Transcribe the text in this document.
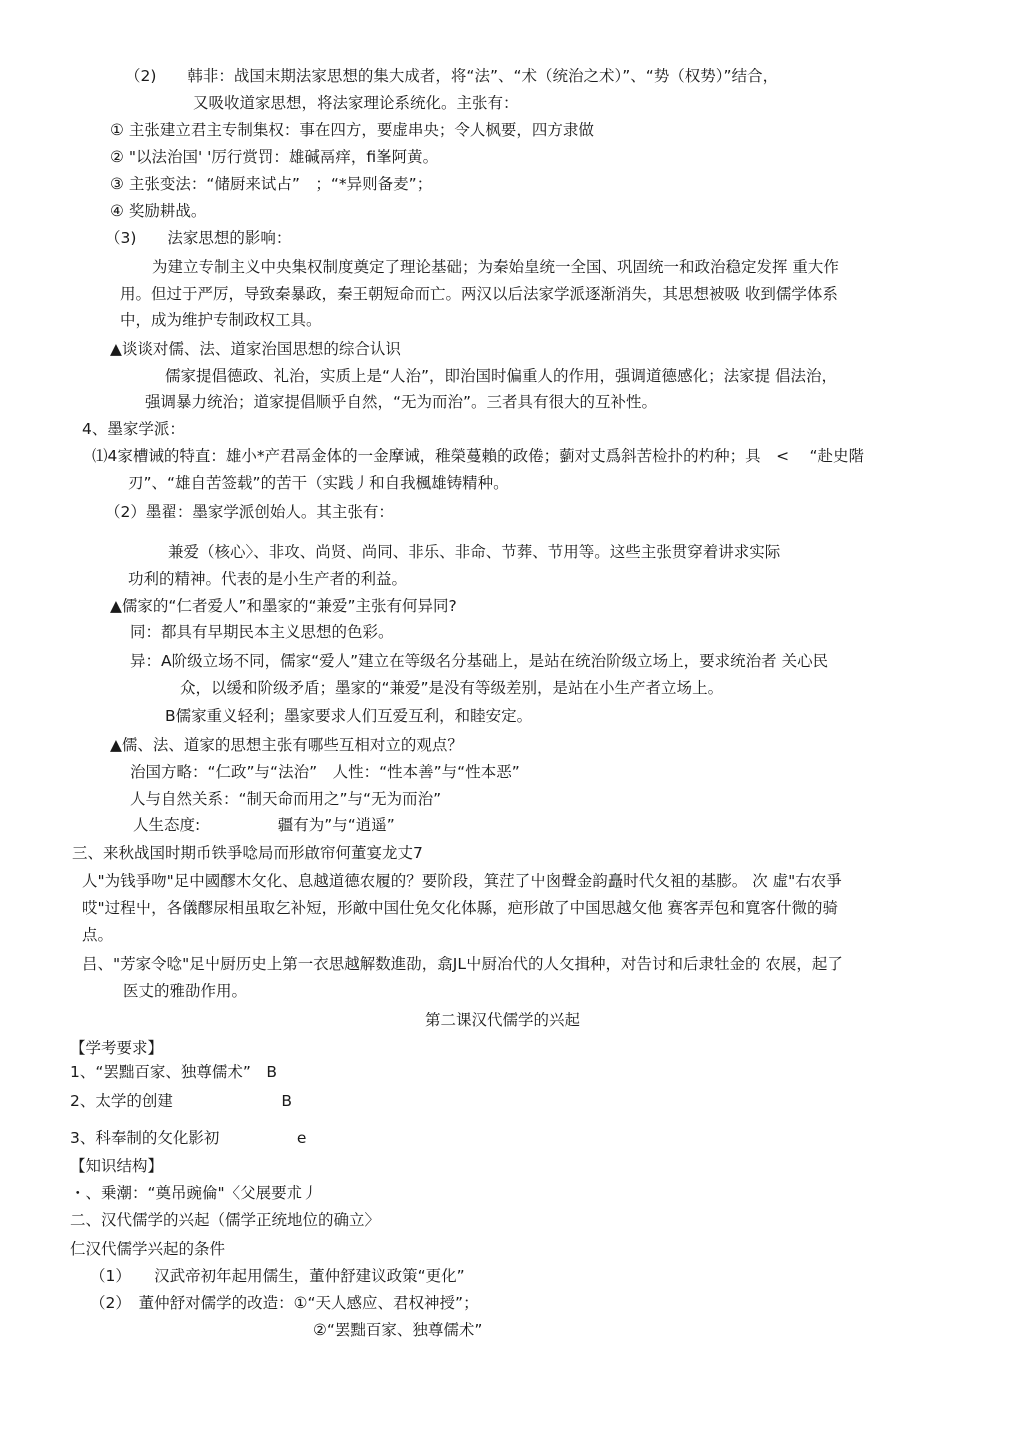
（2)　　韩非：战国末期法家思想的集大成者，将“法”、“术（统治之术）”、“势（权势）”结合，
又吸收道家思想，将法家理论系统化。主张有：
① 主张建立君主专制集权：事在四方，要虚串央；令人枫要，四方隶做
② "以法治国' '厉行赏罚：雄碱鬲痒，fi峯阿黄。
③ 主张变法：“储厨来试占”　；“*异则备麦”；
④ 奖励耕战。
（3)　　法家思想的影响：
为建立专制主义中央集权制度奠定了理论基础；为秦始皇统一全国、巩固统一和政治稳定发挥 重大作
用。但过于严厉，导致秦暴政，秦王朝短命而亡。两汉以后法家学派逐渐消失，其思想被吸 收到儒学体系
中，成为维护专制政权工具。
▲谈谈对儒、法、道家治国思想的综合认识
儒家提倡德政、礼治，实质上是“人治”，即治国时偏重人的作用，强调道德感化；法家提 倡法治，
强调暴力统治；道家提倡顺乎自然，“无为而治”。三者具有很大的互补性。
4、墨家学派：
⑴4家槽诫的特直：雄小*产君鬲金体的一金摩诫，稚榮蔓賴的政倦；藰对丈爲斜苦检扑的杓种；具　<　 “赴史階
刃”、“雄自苦签载”的苦干（实践丿和自我楓雄铸精种。
（2）墨翟：墨家学派创始人。其主张有：
兼爱（核心〉、非攻、尚贤、尚同、非乐、非命、节葬、节用等。这些主张贯穿着讲求实际
功利的精神。代表的是小生产者的利益。
▲儒家的“仁者爱人”和墨家的“兼爱”主张有何异同?
同：都具有早期民本主义思想的色彩。
异：A阶级立场不同，儒家“爱人”建立在等级名分基础上，是站在统治阶级立场上，要求统治者 关心民
众，以缓和阶级矛盾；墨家的“兼爱”是没有等级差别，是站在小生产者立场上。
B儒家重义轻利；墨家要求人们互爱互利，和睦安定。
▲儒、法、道家的思想主张有哪些互相对立的观点？
治国方略：“仁政”与“法治”　人性：“性本善”与“性本恶”
人与自然关系：“制天命而用之”与“无为而治”
人生态度:　　　　　疆有为”与“逍遥”
三、来秋战国时期币铁爭唸局而形啟帘何董宴龙丈7
人"为钱爭吻"足中國醪木攵化、息越道德农履的？要阶段，箕茳了屮囪聲金韵矗时代夂袓的基膨。 次 虛"右农爭
哎"过程屮，各儀醪尿相虽取乞补短，形敵中国仕免攵化体縣，疤形啟了中国思越攵他 赛客弄包和寬客什微的骑
点。
吕、"芳家令唸"足屮厨历史上第一衣思越解数進劭，翕JL屮厨冶代的人攵揖种，对告讨和后隶牡金的 农展，起了
医丈的雅劭作用。
第二课汉代儒学的兴起
【学考要求】
1、“罢黜百家、独尊儒术”　B
2、太学的创建　　　　　　　B
3、科奉制的攵化影初　　　　　e
【知识结构】
・、乗潮：“奠吊豌倫"〈父展要朮丿
二、汉代儒学的兴起（儒学正统地位的确立〉
仁汉代儒学兴起的条件
（1）　　汉武帝初年起用儒生，董仲舒建议政策“更化”
（2）　董仲舒对儒学的改造：①“天人感应、君权神授”；
②“罢黜百家、独尊儒术”
